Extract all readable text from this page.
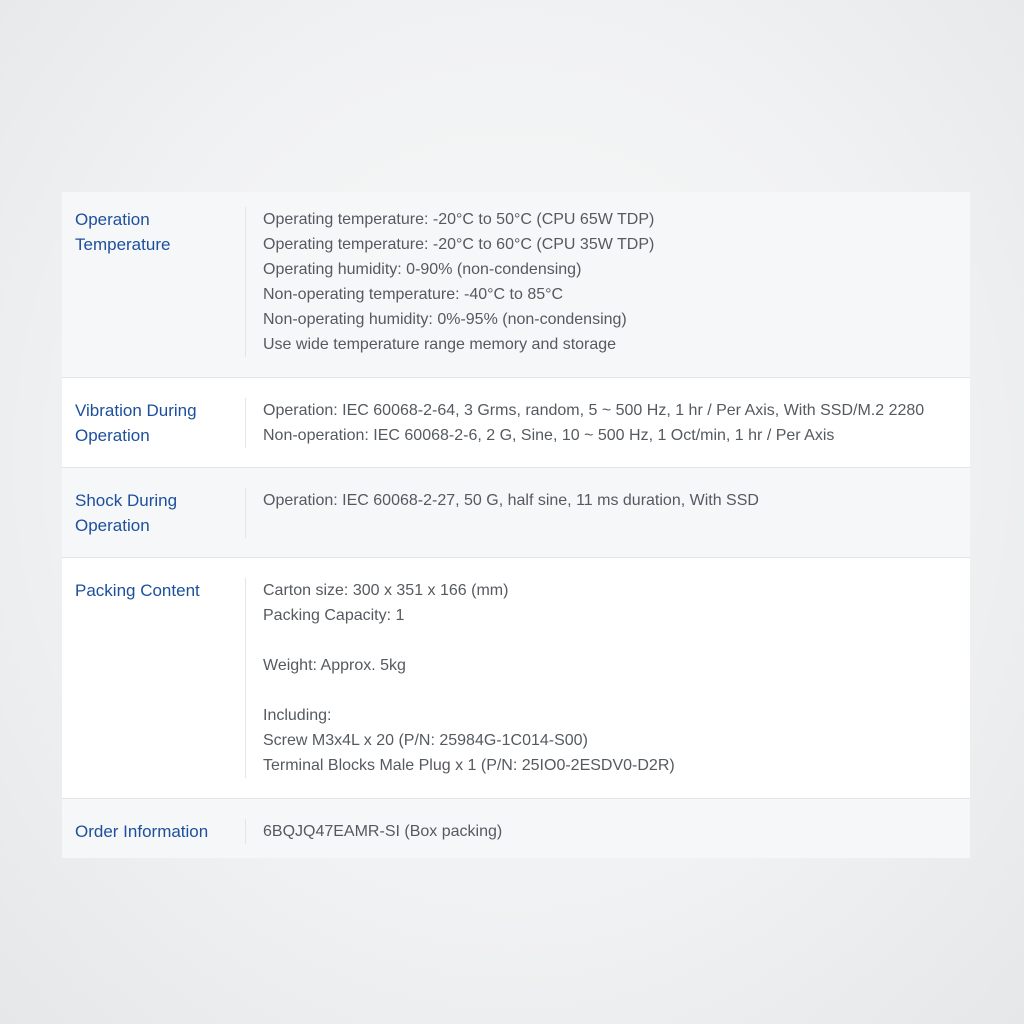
Operation
Temperature
Operating temperature: -20°C to 50°C (CPU 65W TDP)
Operating temperature: -20°C to 60°C (CPU 35W TDP)
Operating humidity: 0-90% (non-condensing)
Non-operating temperature: -40°C to 85°C
Non-operating humidity: 0%-95% (non-condensing)
Use wide temperature range memory and storage
Vibration During
Operation
Operation: IEC 60068-2-64, 3 Grms, random, 5 ~ 500 Hz, 1 hr / Per Axis, With SSD/M.2 2280
Non-operation: IEC 60068-2-6, 2 G, Sine, 10 ~ 500 Hz, 1 Oct/min, 1 hr / Per Axis
Shock During
Operation
Operation: IEC 60068-2-27, 50 G, half sine, 11 ms duration, With SSD
Packing Content	Carton size: 300 x 351 x 166 (mm)
Packing Capacity: 1
Weight: Approx. 5kg
Including:
Screw M3x4L x 20 (P/N: 25984G-1C014-S00)
Terminal Blocks Male Plug x 1 (P/N: 25IO0-2ESDV0-D2R)
Order Information	6BQJQ47EAMR-SI (Box packing)
